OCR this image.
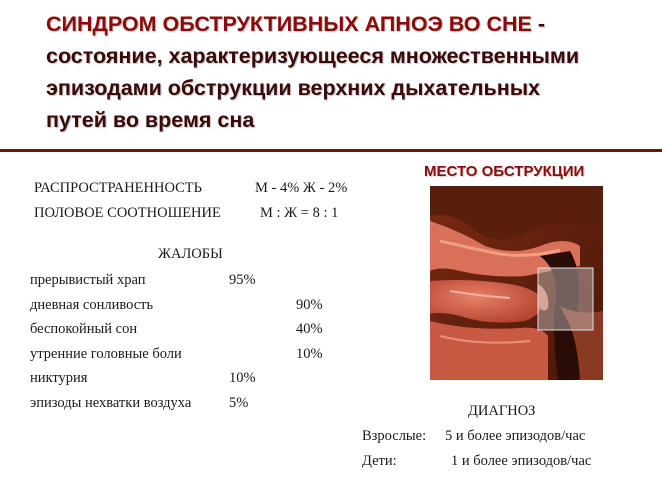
СИНДРОМ ОБСТРУКТИВНЫХ АПНОЭ ВО СНЕ -
состояние, характеризующееся множественными
эпизодами обструкции верхних дыхательных
путей во время сна
РАСПРОСТРАНЕННОСТЬ	М - 4% Ж - 2%
ПОЛОВОЕ СООТНОШЕНИЕ	М : Ж = 8 : 1
ЖАЛОБЫ
прерывистый храп	95%
дневная сонливость	90%
беспокойный сон	40%
утренние головные боли	10%
никтурия	10%
эпизоды нехватки воздуха	5%
МЕСТО ОБСТРУКЦИИ
ДИАГНОЗ
Взрослые: 5 и более эпизодов/час
Дети:	1 и более эпизодов/час
